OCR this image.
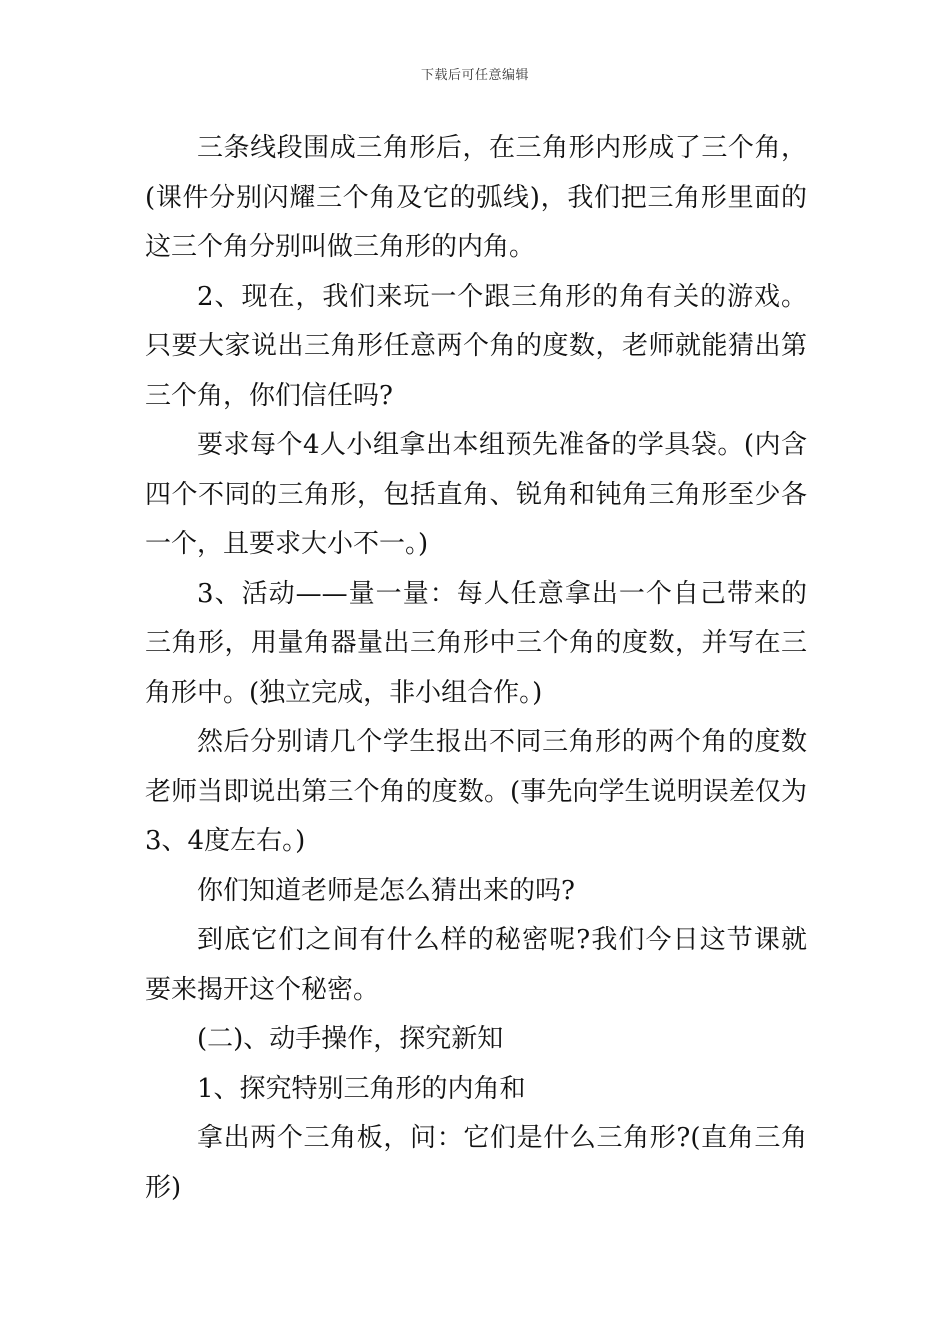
下载后可任意编辑

三条线段围成三角形后，在三角形内形成了三个角，(课件分别闪耀三个角及它的弧线)，我们把三角形里面的这三个角分别叫做三角形的内角。

2、现在，我们来玩一个跟三角形的角有关的游戏。只要大家说出三角形任意两个角的度数，老师就能猜出第三个角，你们信任吗?

要求每个4人小组拿出本组预先准备的学具袋。(内含四个不同的三角形，包括直角、锐角和钝角三角形至少各一个，且要求大小不一。)

3、活动——量一量：每人任意拿出一个自己带来的三角形，用量角器量出三角形中三个角的度数，并写在三角形中。(独立完成，非小组合作。)

然后分别请几个学生报出不同三角形的两个角的度数老师当即说出第三个角的度数。(事先向学生说明误差仅为3、4度左右。)

你们知道老师是怎么猜出来的吗?

到底它们之间有什么样的秘密呢?我们今日这节课就要来揭开这个秘密。

(二)、动手操作，探究新知

1、探究特别三角形的内角和

拿出两个三角板，问：它们是什么三角形?(直角三角形)
